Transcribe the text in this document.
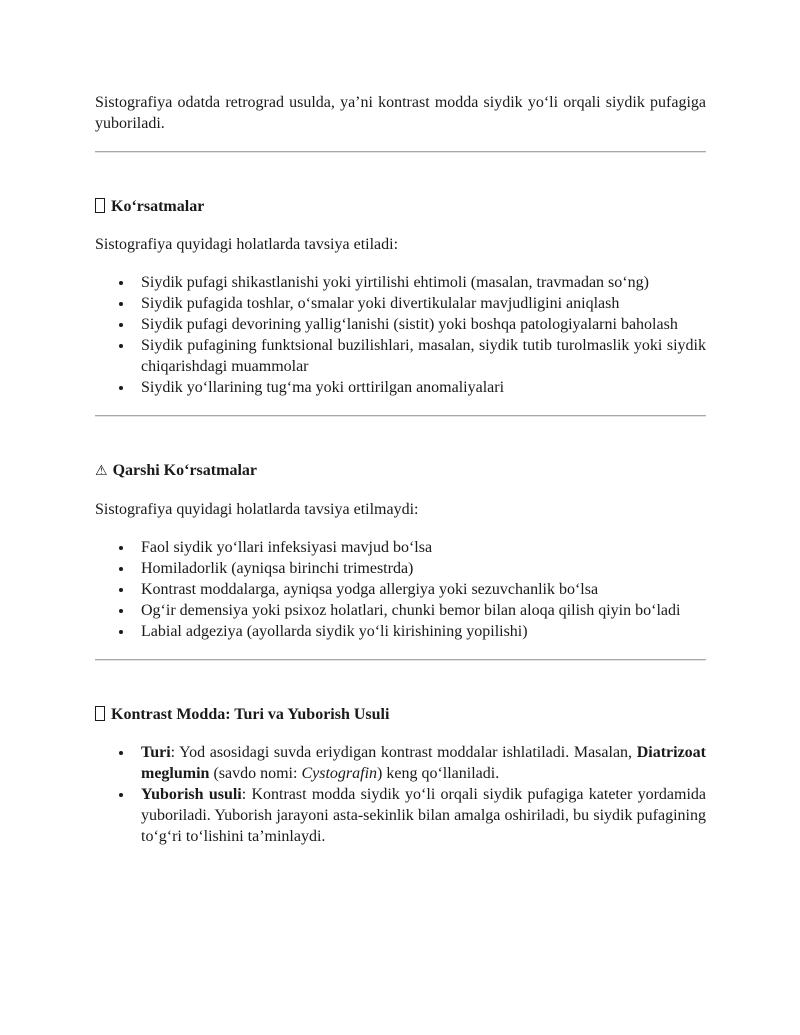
Sistografiya odatda retrograd usulda, ya’ni kontrast modda siydik yo‘li orqali siydik pufagiga yuboriladi.

Ko‘rsatmalar

Sistografiya quyidagi holatlarda tavsiya etiladi:

Siydik pufagi shikastlanishi yoki yirtilishi ehtimoli (masalan, travmadan so‘ng)
Siydik pufagida toshlar, o‘smalar yoki divertikulalar mavjudligini aniqlash
Siydik pufagi devorining yallig‘lanishi (sistit) yoki boshqa patologiyalarni baholash
Siydik pufagining funktsional buzilishlari, masalan, siydik tutib turolmaslik yoki siydik chiqarishdagi muammolar
Siydik yo‘llarining tug‘ma yoki orttirilgan anomaliyalari
⚠ Qarshi Ko‘rsatmalar

Sistografiya quyidagi holatlarda tavsiya etilmaydi:

Faol siydik yo‘llari infeksiyasi mavjud bo‘lsa
Homiladorlik (ayniqsa birinchi trimestrda)
Kontrast moddalarga, ayniqsa yodga allergiya yoki sezuvchanlik bo‘lsa
Og‘ir demensiya yoki psixoz holatlari, chunki bemor bilan aloqa qilish qiyin bo‘ladi
Labial adgeziya (ayollarda siydik yo‘li kirishining yopilishi)
Kontrast Modda: Turi va Yuborish Usuli
Turi: Yod asosidagi suvda eriydigan kontrast moddalar ishlatiladi. Masalan, Diatrizoat meglumin (savdo nomi: Cystografin) keng qo‘llaniladi.
Yuborish usuli: Kontrast modda siydik yo‘li orqali siydik pufagiga kateter yordamida yuboriladi. Yuborish jarayoni asta-sekinlik bilan amalga oshiriladi, bu siydik pufagining to‘g‘ri to‘lishini ta’minlaydi.
